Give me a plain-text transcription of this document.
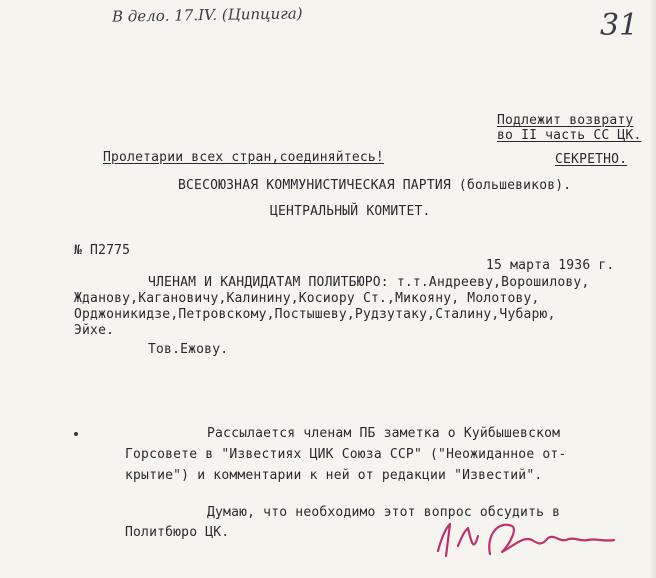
В дело. 17.IV. (Ципцига)	31
Подлежит возврату
во II часть СС ЦК.
Пролетарии всех стран,соединяйтесь!	СЕКРЕТНО.
ВСЕСОЮЗНАЯ КОММУНИСТИЧЕСКАЯ ПАРТИЯ (большевиков).
ЦЕНТРАЛЬНЫЙ КОМИТЕТ.
№ П2775
15 марта 1936 г.
ЧЛЕНАМ И КАНДИДАТАМ ПОЛИТБЮРО: т.т.Андрееву,Ворошилову,
Жданову,Кагановичу,Калинину,Косиору Ст.,Микояну, Молотову,
Орджоникидзе,Петровскому,Постышеву,Рудзутаку,Сталину,Чубарю,
Эйхе.
Тов.Ежову.
Рассылается членам ПБ заметка о Куйбышевском
Горсовете в "Известиях ЦИК Союза ССР" ("Неожиданное от-
крытие") и комментарии к ней от редакции "Известий".
Думаю, что необходимо этот вопрос обсудить в
Политбюро ЦК.
